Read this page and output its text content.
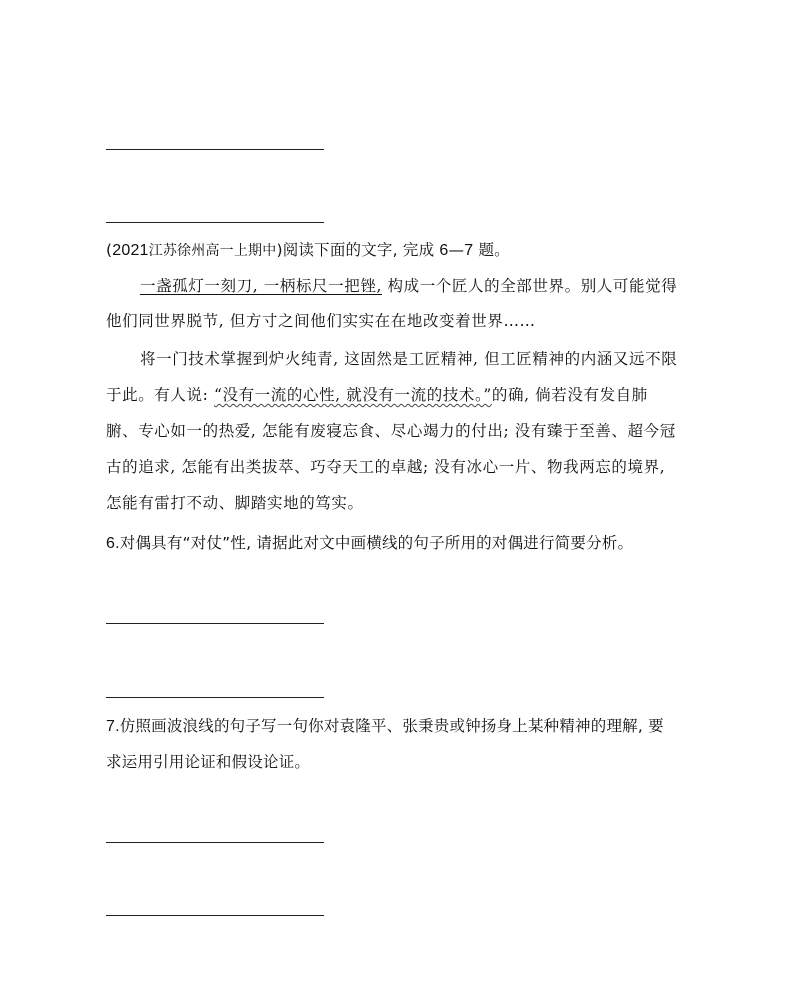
(2021江苏徐州高一上期中)阅读下面的文字, 完成 6—7 题。
一盏孤灯一刻刀, 一柄标尺一把锉, 构成一个匠人的全部世界。别人可能觉得
他们同世界脱节, 但方寸之间他们实实在在地改变着世界……
将一门技术掌握到炉火纯青, 这固然是工匠精神, 但工匠精神的内涵又远不限
于此。有人说: “没有一流的心性, 就没有一流的技术。”的确, 倘若没有发自肺
腑、专心如一的热爱, 怎能有废寝忘食、尽心竭力的付出; 没有臻于至善、超今冠
古的追求, 怎能有出类拔萃、巧夺天工的卓越; 没有冰心一片、物我两忘的境界,
怎能有雷打不动、脚踏实地的笃实。
6.对偶具有“对仗”性, 请据此对文中画横线的句子所用的对偶进行简要分析。
7.仿照画波浪线的句子写一句你对袁隆平、张秉贵或钟扬身上某种精神的理解, 要
求运用引用论证和假设论证。
